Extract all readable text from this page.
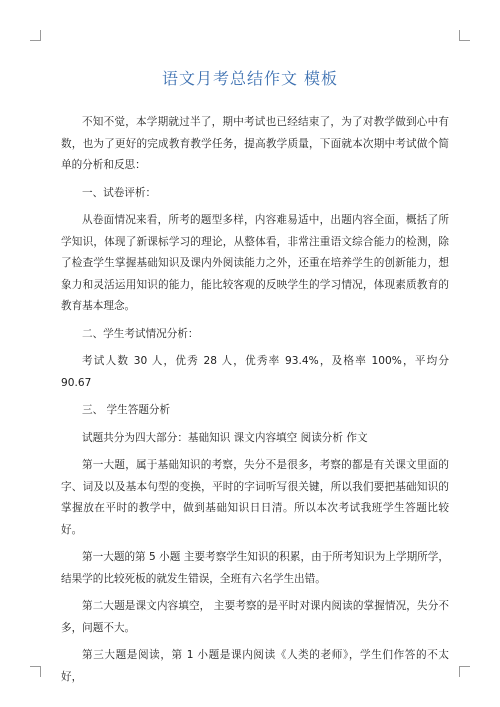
语文月考总结作文 模板

不知不觉，本学期就过半了，期中考试也已经结束了，为了对教学做到心中有数，也为了更好的完成教育教学任务，提高教学质量，下面就本次期中考试做个简单的分析和反思：

一、试卷评析：

从卷面情况来看，所考的题型多样，内容难易适中，出题内容全面，概括了所学知识，体现了新课标学习的理论，从整体看，非常注重语文综合能力的检测，除了检查学生掌握基础知识及课内外阅读能力之外，还重在培养学生的创新能力，想象力和灵活运用知识的能力，能比较客观的反映学生的学习情况，体现素质教育的教育基本理念。

二、学生考试情况分析：

考试人数 30 人，优秀 28 人，优秀率 93.4%，及格率 100%，平均分 90.67

三、 学生答题分析

试题共分为四大部分：基础知识 课文内容填空 阅读分析 作文

第一大题，属于基础知识的考察，失分不是很多，考察的都是有关课文里面的字、词及以及基本句型的变换，平时的字词听写很关键，所以我们要把基础知识的掌握放在平时的教学中，做到基础知识日日清。所以本次考试我班学生答题比较好。

第一大题的第 5 小题 主要考察学生知识的积累，由于所考知识为上学期所学，结果学的比较死板的就发生错误，全班有六名学生出错。

第二大题是课文内容填空， 主要考察的是平时对课内阅读的掌握情况，失分不多，问题不大。

第三大题是阅读，第 1 小题是课内阅读《人类的老师》，学生们作答的不太好，
